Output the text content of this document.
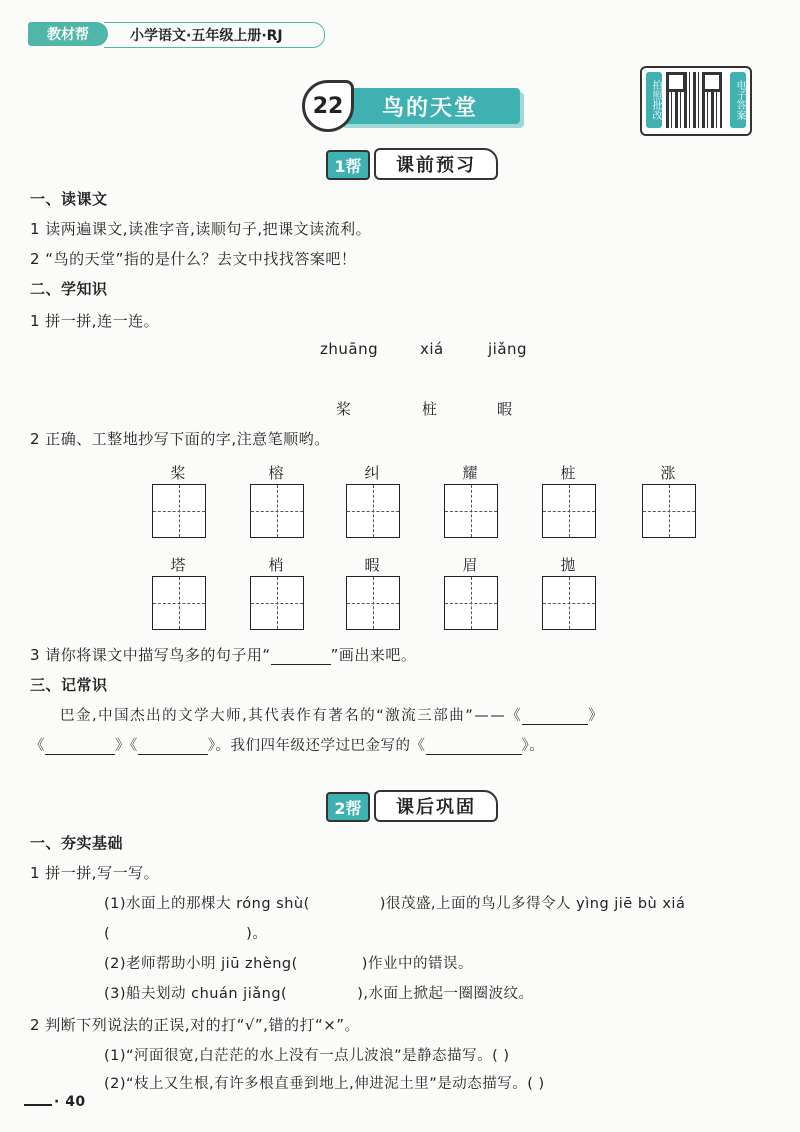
教材帮	小学语文·五年级上册·RJ
鸟的天堂
22	拍照批改	电子答案
1帮	课前预习
一、读课文
1 读两遍课文,读准字音,读顺句子,把课文读流利。
2 “鸟的天堂”指的是什么？去文中找找答案吧！
二、学知识
1 拼一拼,连一连。
zhuāng	xiá	jiǎng
桨	桩	暇
2 正确、工整地抄写下面的字,注意笔顺哟。
桨	榕	纠	耀	桩	涨
塔	梢	暇	眉	拋
3 请你将课文中描写鸟多的句子用“	”画出来吧。
三、记常识
巴金,中国杰出的文学大师,其代表作有著名的“激流三部曲”——《	》
《	》《	》。我们四年级还学过巴金写的《	》。
2帮	课后巩固
一、夯实基础
1 拼一拼,写一写。
(1)水面上的那棵大 róng shù(	)很茂盛,上面的鸟儿多得令人 yìng jiē bù xiá
(	)。
(2)老师帮助小明 jiū zhèng(	)作业中的错误。
(3)船夫划动 chuán jiǎng(	),水面上掀起一圈圈波纹。
2 判断下列说法的正误,对的打“√”,错的打“×”。
(1)“河面很宽,白茫茫的水上没有一点儿波浪”是静态描写。( )
(2)“枝上又生根,有许多根直垂到地上,伸进泥土里”是动态描写。( )
· 40
